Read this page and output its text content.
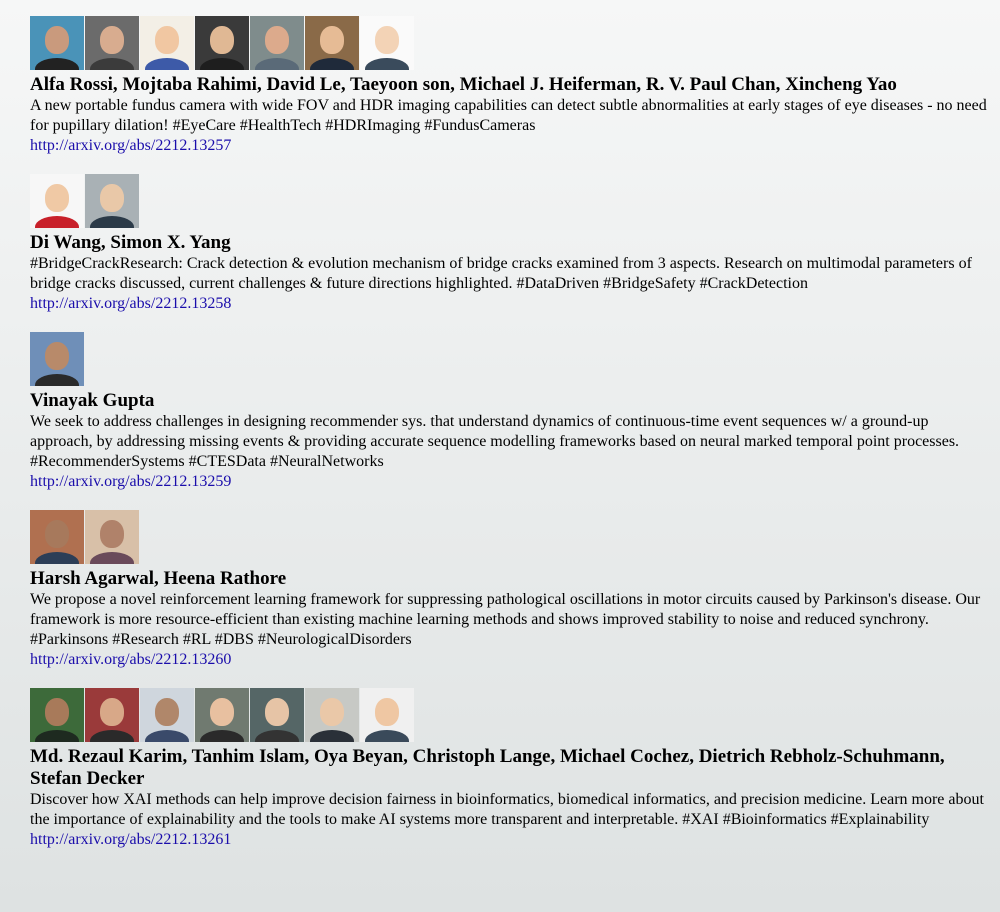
Alfa Rossi, Mojtaba Rahimi, David Le, Taeyoon son, Michael J. Heiferman, R. V. Paul Chan, Xincheng Yao

A new portable fundus camera with wide FOV and HDR imaging capabilities can detect subtle abnormalities at early stages of eye diseases - no need for pupillary dilation! #EyeCare #HealthTech #HDRImaging #FundusCameras

http://arxiv.org/abs/2212.13257

Di Wang, Simon X. Yang

#BridgeCrackResearch: Crack detection & evolution mechanism of bridge cracks examined from 3 aspects. Research on multimodal parameters of bridge cracks discussed, current challenges & future directions highlighted. #DataDriven #BridgeSafety #CrackDetection

http://arxiv.org/abs/2212.13258

Vinayak Gupta

We seek to address challenges in designing recommender sys. that understand dynamics of continuous-time event sequences w/ a ground-up approach, by addressing missing events & providing accurate sequence modelling frameworks based on neural marked temporal point processes. #RecommenderSystems #CTESData #NeuralNetworks

http://arxiv.org/abs/2212.13259

Harsh Agarwal, Heena Rathore

We propose a novel reinforcement learning framework for suppressing pathological oscillations in motor circuits caused by Parkinson's disease. Our framework is more resource-efficient than existing machine learning methods and shows improved stability to noise and reduced synchrony. #Parkinsons #Research #RL #DBS #NeurologicalDisorders

http://arxiv.org/abs/2212.13260

Md. Rezaul Karim, Tanhim Islam, Oya Beyan, Christoph Lange, Michael Cochez, Dietrich Rebholz-Schuhmann, Stefan Decker

Discover how XAI methods can help improve decision fairness in bioinformatics, biomedical informatics, and precision medicine. Learn more about the importance of explainability and the tools to make AI systems more transparent and interpretable. #XAI #Bioinformatics #Explainability

http://arxiv.org/abs/2212.13261
